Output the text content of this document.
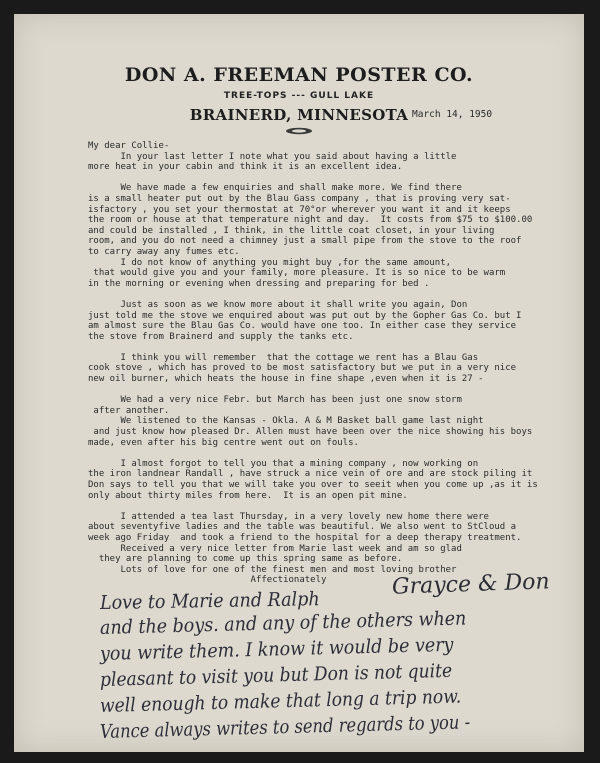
DON A. FREEMAN POSTER CO.
TREE-TOPS --- GULL LAKE
BRAINERD, MINNESOTA March 14, 1950
My dear Collie-
In your last letter I note what you said about having a little
more heat in your cabin and think it is an excellent idea.

We have made a few enquiries and shall make more. We find there
is a small heater put out by the Blau Gass company , that is proving very sat-
isfactory , you set your thermostat at 70°or wherever you want it and it keeps
the room or house at that temperature night and day.  It costs from $75 to $100.00
and could be installed , I think, in the little coat closet, in your living
room, and you do not need a chimney just a small pipe from the stove to the roof
to carry away any fumes etc.
I do not know of anything you might buy ,for the same amount,
that would give you and your family, more pleasure. It is so nice to be warm
in the morning or evening when dressing and preparing for bed .

Just as soon as we know more about it shall write you again, Don
just told me the stove we enquired about was put out by the Gopher Gas Co. but I
am almost sure the Blau Gas Co. would have one too. In either case they service
the stove from Brainerd and supply the tanks etc.

I think you will remember  that the cottage we rent has a Blau Gas
cook stove , which has proved to be most satisfactory but we put in a very nice
new oil burner, which heats the house in fine shape ,even when it is 27 -

We had a very nice Febr. but March has been just one snow storm
after another.
We listened to the Kansas - Okla. A & M Basket ball game last night
and just know how pleased Dr. Allen must have been over the nice showing his boys
made, even after his big centre went out on fouls.

I almost forgot to tell you that a mining company , now working on
the iron landnear Randall , have struck a nice vein of ore and are stock piling it
Don says to tell you that we will take you over to seeit when you come up ,as it is
only about thirty miles from here.  It is an open pit mine.

I attended a tea last Thursday, in a very lovely new home there were
about seventyfive ladies and the table was beautiful. We also went to StCloud a
week ago Friday  and took a friend to the hospital for a deep therapy treatment.
Received a very nice letter from Marie last week and am so glad
they are planning to come up this spring same as before.
Lots of love for one of the finest men and most loving brother
Affectionately	Grayce & Don
Love to Marie and Ralph
and the boys. and any of the others when
you write them. I know it would be very
pleasant to visit you but Don is not quite
well enough to make that long a trip now.
Vance always writes to send regards to you -
